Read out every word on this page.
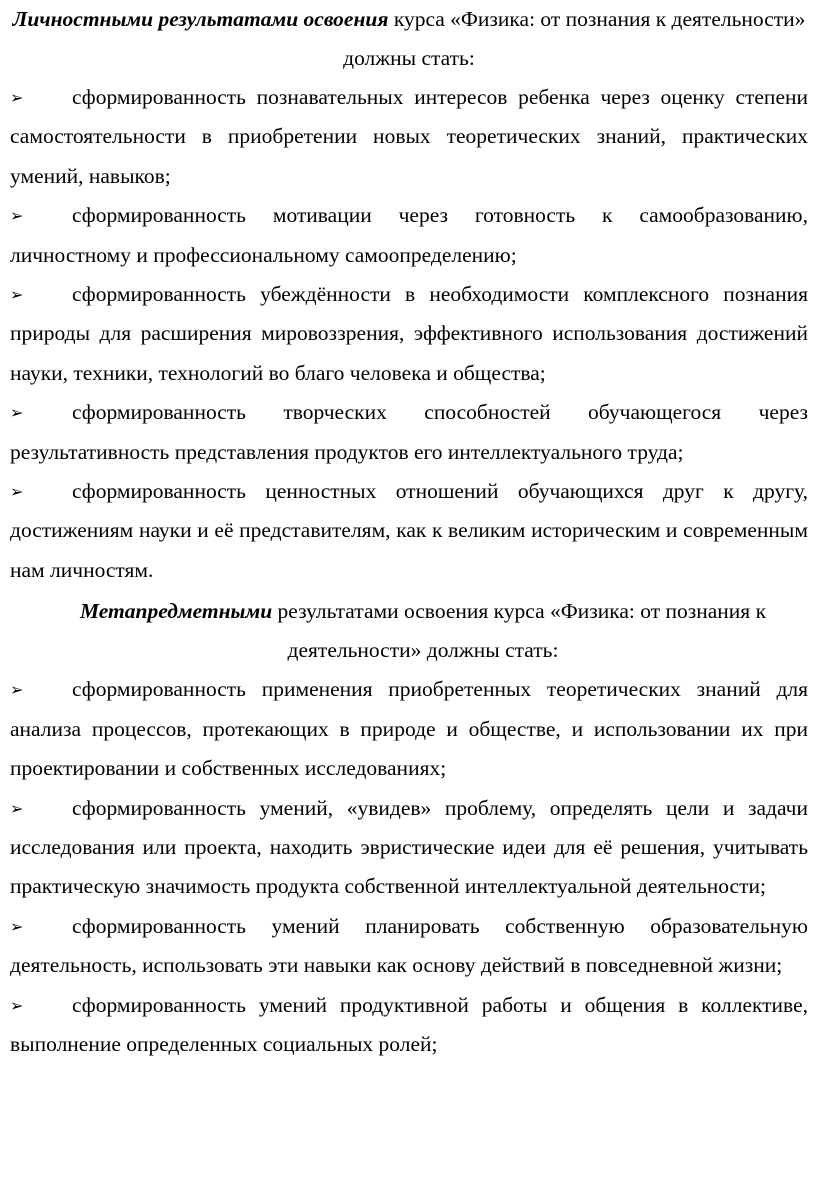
Личностными результатами освоения курса «Физика: от познания к деятельности» должны стать:

➢ сформированность познавательных интересов ребенка через оценку степени самостоятельности в приобретении новых теоретических знаний, практических умений, навыков;
➢ сформированность мотивации через готовность к самообразованию, личностному и профессиональному самоопределению;
➢ сформированность убеждённости в необходимости комплексного познания природы для расширения мировоззрения, эффективного использования достижений науки, техники, технологий во благо человека и общества;
➢ сформированность творческих способностей обучающегося через результативность представления продуктов его интеллектуального труда;
➢ сформированность ценностных отношений обучающихся друг к другу, достижениям науки и её представителям, как к великим историческим и современным нам личностям.

Метапредметными результатами освоения курса «Физика: от познания к деятельности» должны стать:

➢ сформированность применения приобретенных теоретических знаний для анализа процессов, протекающих в природе и обществе, и использовании их при проектировании и собственных исследованиях;
➢ сформированность умений, «увидев» проблему, определять цели и задачи исследования или проекта, находить эвристические идеи для её решения, учитывать практическую значимость продукта собственной интеллектуальной деятельности;
➢ сформированность умений планировать собственную образовательную деятельность, использовать эти навыки как основу действий в повседневной жизни;
➢ сформированность умений продуктивной работы и общения в коллективе, выполнение определенных социальных ролей;
